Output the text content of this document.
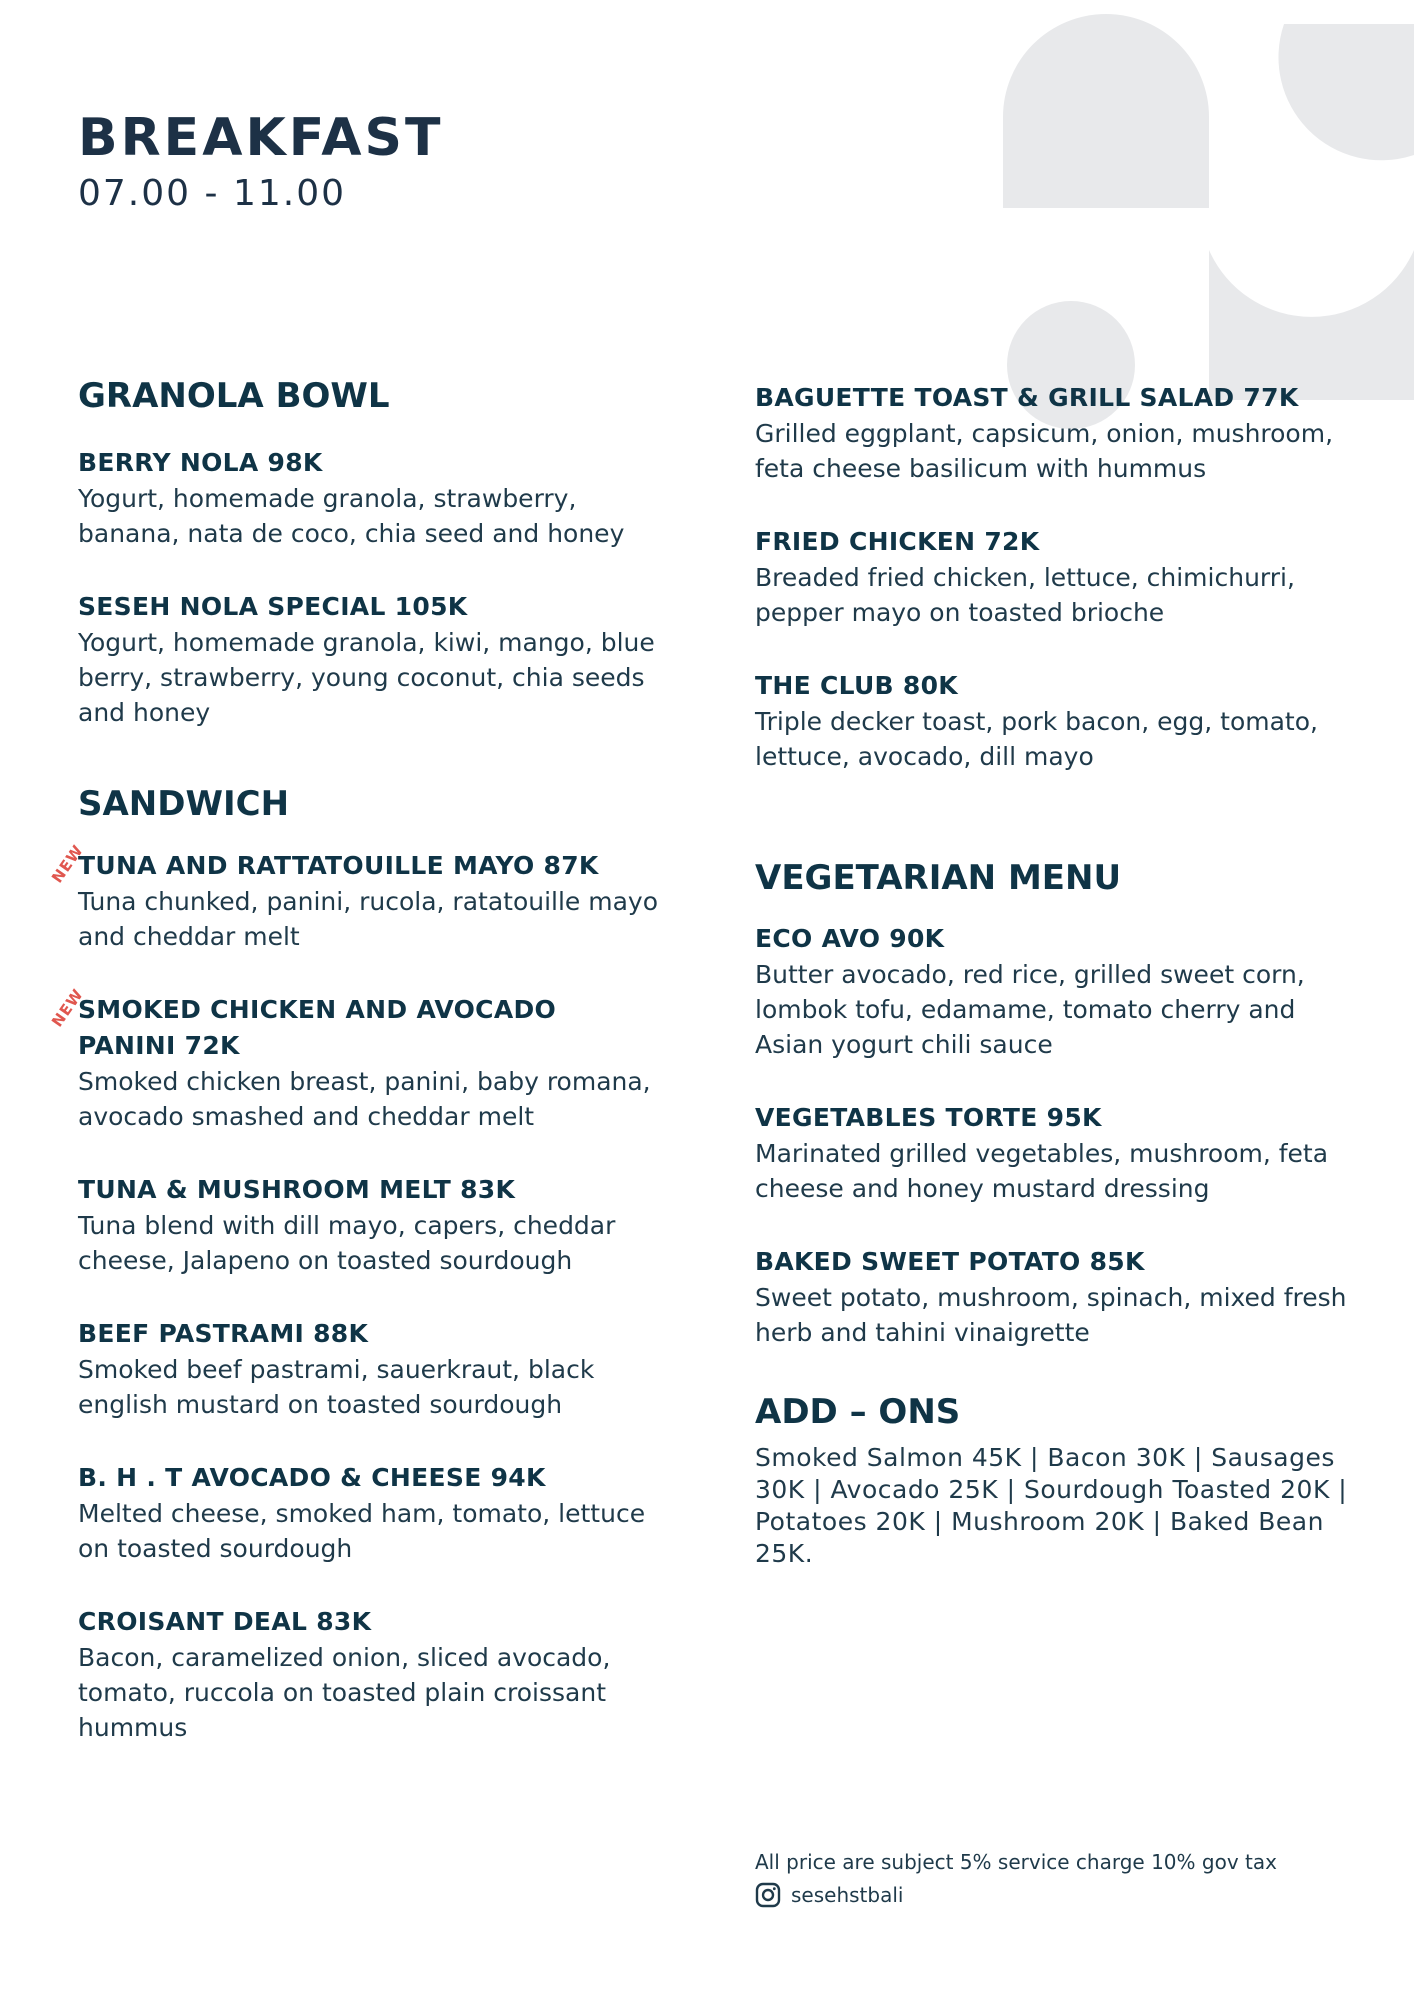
BREAKFAST
07.00 - 11.00
GRANOLA BOWL
BERRY NOLA 98K
Yogurt, homemade granola, strawberry, banana, nata de coco, chia seed and honey
SESEH NOLA SPECIAL 105K
Yogurt, homemade granola, kiwi, mango, blue berry, strawberry, young coconut, chia seeds and honey
SANDWICH
NEW
TUNA AND RATTATOUILLE MAYO 87K
Tuna chunked, panini, rucola, ratatouille mayo and cheddar melt
NEW
SMOKED CHICKEN AND AVOCADO PANINI 72K
Smoked chicken breast, panini, baby romana, avocado smashed and cheddar melt
TUNA & MUSHROOM MELT 83K
Tuna blend with dill mayo, capers, cheddar cheese, Jalapeno on toasted sourdough
BEEF PASTRAMI 88K
Smoked beef pastrami, sauerkraut, black english mustard on toasted sourdough
B. H . T AVOCADO & CHEESE 94K
Melted cheese, smoked ham, tomato, lettuce on toasted sourdough
CROISANT DEAL 83K
Bacon, caramelized onion, sliced avocado, tomato, ruccola on toasted plain croissant
hummus
BAGUETTE TOAST & GRILL SALAD 77K
Grilled eggplant, capsicum, onion, mushroom, feta cheese basilicum with hummus
FRIED CHICKEN 72K
Breaded fried chicken, lettuce, chimichurri, pepper mayo on toasted brioche
THE CLUB 80K
Triple decker toast, pork bacon, egg, tomato, lettuce, avocado, dill mayo
VEGETARIAN MENU
ECO AVO 90K
Butter avocado, red rice, grilled sweet corn, lombok tofu, edamame, tomato cherry and Asian yogurt chili sauce
VEGETABLES TORTE 95K
Marinated grilled vegetables, mushroom, feta cheese and honey mustard dressing
BAKED SWEET POTATO 85K
Sweet potato, mushroom, spinach, mixed fresh herb and tahini vinaigrette
ADD – ONS
Smoked Salmon 45K | Bacon 30K | Sausages 30K | Avocado 25K | Sourdough Toasted 20K | Potatoes 20K | Mushroom 20K | Baked Bean 25K.
All price are subject 5% service charge 10% gov tax
sesehstbali
